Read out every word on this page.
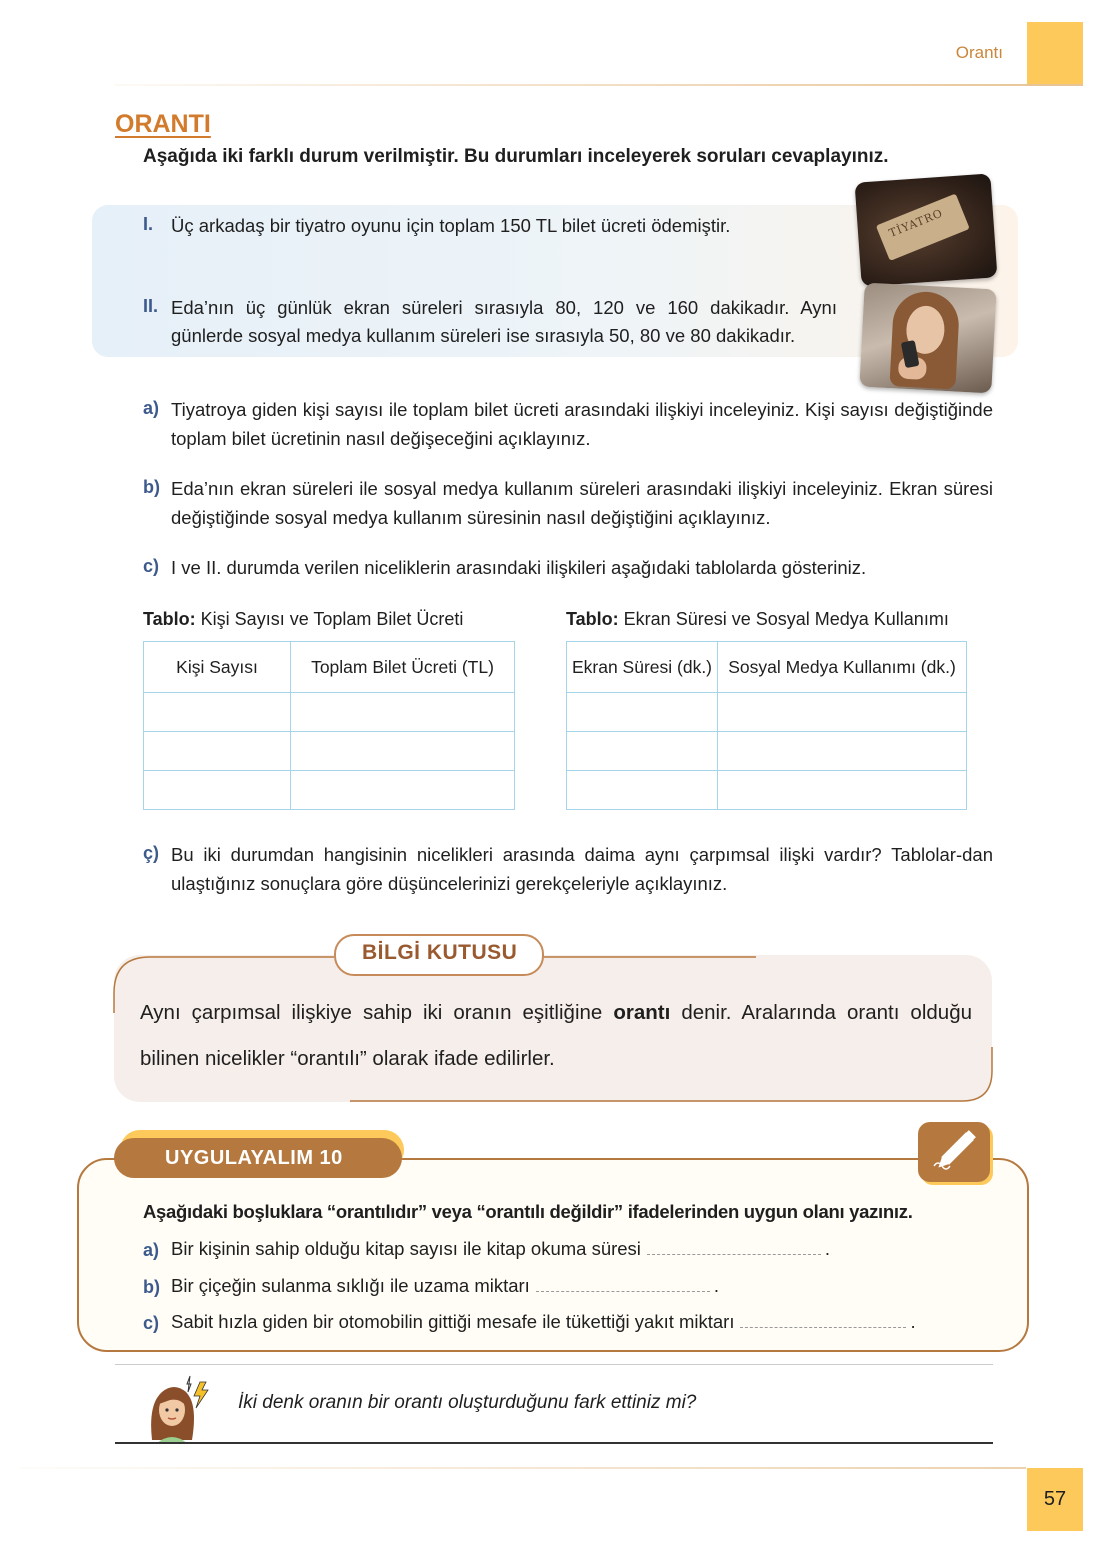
Orantı
ORANTI
Aşağıda iki farklı durum verilmiştir. Bu durumları inceleyerek soruları cevaplayınız.
I. Üç arkadaş bir tiyatro oyunu için toplam 150 TL bilet ücreti ödemiştir.
II. Eda’nın üç günlük ekran süreleri sırasıyla 80, 120 ve 160 dakikadır. Aynı günlerde sosyal medya kullanım süreleri ise sırasıyla 50, 80 ve 80 dakikadır.
TİYATRO
a) Tiyatroya giden kişi sayısı ile toplam bilet ücreti arasındaki ilişkiyi inceleyiniz. Kişi sayısı değiştiğinde toplam bilet ücretinin nasıl değişeceğini açıklayınız.
b) Eda’nın ekran süreleri ile sosyal medya kullanım süreleri arasındaki ilişkiyi inceleyiniz. Ekran süresi değiştiğinde sosyal medya kullanım süresinin nasıl değiştiğini açıklayınız.
c) I ve II. durumda verilen niceliklerin arasındaki ilişkileri aşağıdaki tablolarda gösteriniz.
Tablo: Kişi Sayısı ve Toplam Bilet Ücreti
Kişi Sayısı	Toplam Bilet Ücreti (TL)

Tablo: Ekran Süresi ve Sosyal Medya Kullanımı
Ekran Süresi (dk.)	Sosyal Medya Kullanımı (dk.)

ç) Bu iki durumdan hangisinin nicelikleri arasında daima aynı çarpımsal ilişki vardır? Tablolar-dan ulaştığınız sonuçlara göre düşüncelerinizi gerekçeleriyle açıklayınız.
BİLGİ KUTUSU
Aynı çarpımsal ilişkiye sahip iki oranın eşitliğine orantı denir. Aralarında orantı olduğu bilinen nicelikler “orantılı” olarak ifade edilirler.
UYGULAYALIM 10
Aşağıdaki boşluklara “orantılıdır” veya “orantılı değildir” ifadelerinden uygun olanı yazınız.
a) Bir kişinin sahip olduğu kitap sayısı ile kitap okuma süresi	.
b) Bir çiçeğin sulanma sıklığı ile uzama miktarı	.
c) Sabit hızla giden bir otomobilin gittiği mesafe ile tükettiği yakıt miktarı	.
İki denk oranın bir orantı oluşturduğunu fark ettiniz mi?
57
